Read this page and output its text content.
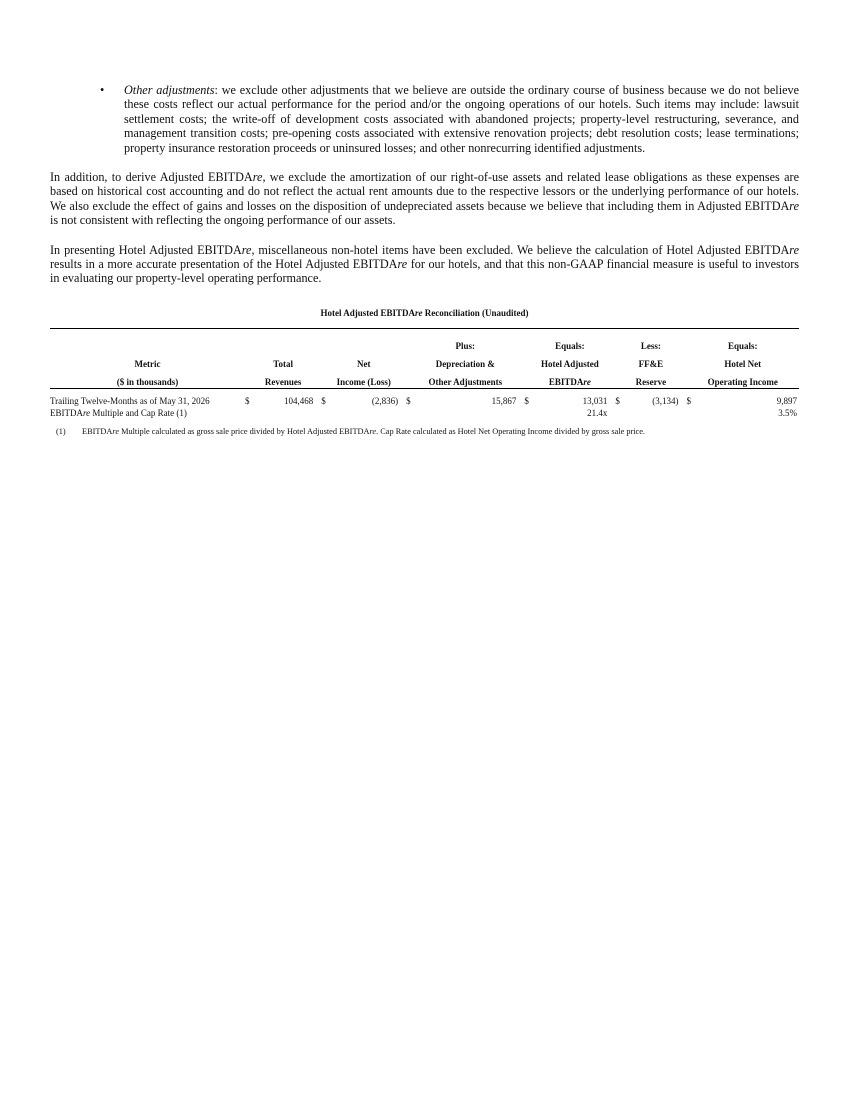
• Other adjustments: we exclude other adjustments that we believe are outside the ordinary course of business because we do not believe these costs reflect our actual performance for the period and/or the ongoing operations of our hotels. Such items may include: lawsuit settlement costs; the write-off of development costs associated with abandoned projects; property-level restructuring, severance, and management transition costs; pre-opening costs associated with extensive renovation projects; debt resolution costs; lease terminations; property insurance restoration proceeds or uninsured losses; and other nonrecurring identified adjustments.
In addition, to derive Adjusted EBITDAre, we exclude the amortization of our right-of-use assets and related lease obligations as these expenses are based on historical cost accounting and do not reflect the actual rent amounts due to the respective lessors or the underlying performance of our hotels. We also exclude the effect of gains and losses on the disposition of undepreciated assets because we believe that including them in Adjusted EBITDAre is not consistent with reflecting the ongoing performance of our assets.
In presenting Hotel Adjusted EBITDAre, miscellaneous non-hotel items have been excluded. We believe the calculation of Hotel Adjusted EBITDAre results in a more accurate presentation of the Hotel Adjusted EBITDAre for our hotels, and that this non-GAAP financial measure is useful to investors in evaluating our property-level operating performance.
Hotel Adjusted EBITDAre Reconciliation (Unaudited)
					Plus:		Equals:		Less:		Equals:	
Metric	Total		Net		Depreciation &		Hotel Adjusted		FF&E		Hotel Net	
($ in thousands)	Revenues		Income (Loss)		Other Adjustments		EBITDAre		Reserve		Operating Income	

Trailing Twelve-Months as of May 31, 2026	$	104,468	$	(2,836)	$	15,867	$	13,031	$	(3,134)	$	9,897
EBITDAre Multiple and Cap Rate (1)								21.4x				3.5%
(1) EBITDAre Multiple calculated as gross sale price divided by Hotel Adjusted EBITDAre. Cap Rate calculated as Hotel Net Operating Income divided by gross sale price.
